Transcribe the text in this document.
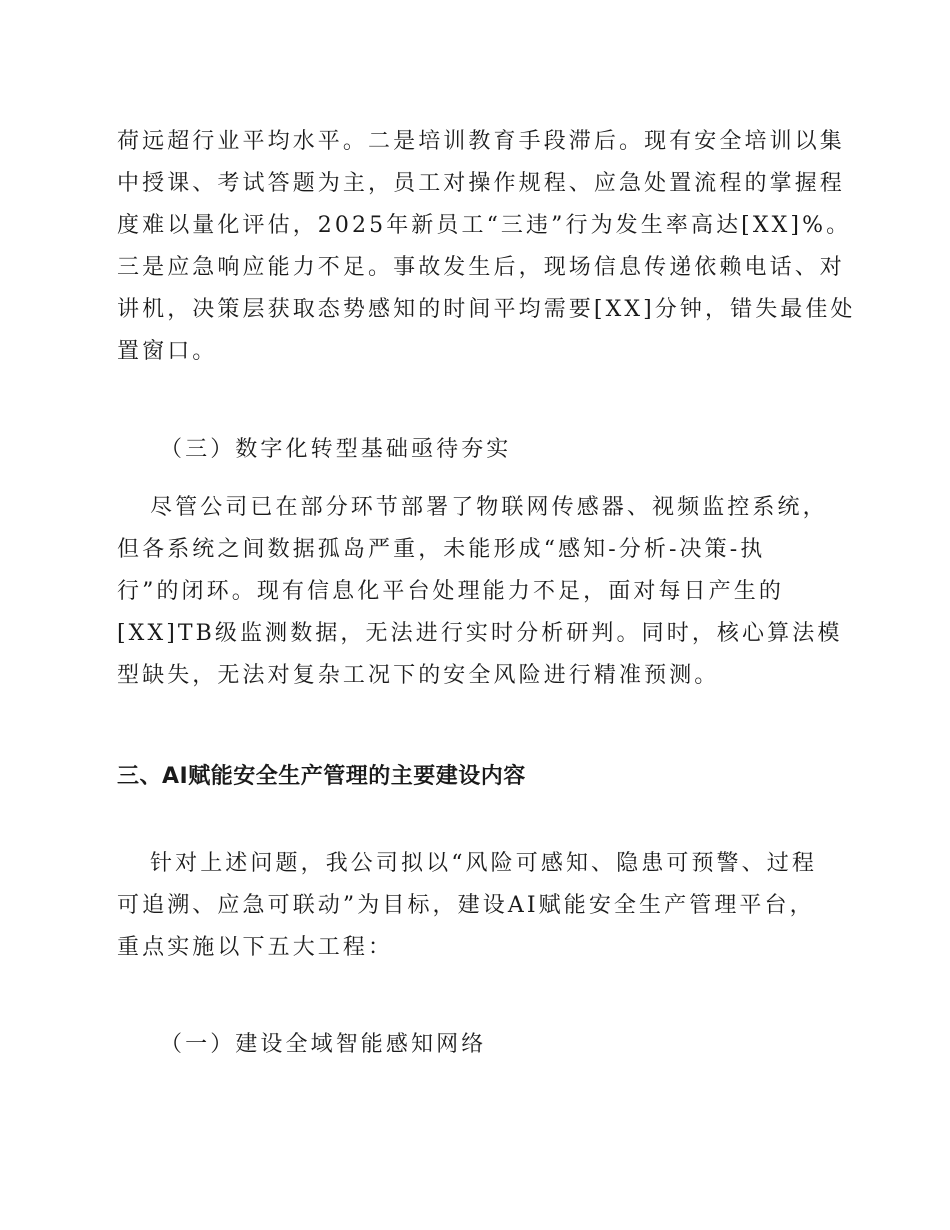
荷远超行业平均水平。二是培训教育手段滞后。现有安全培训以集
中授课、考试答题为主，员工对操作规程、应急处置流程的掌握程
度难以量化评估，2025年新员工“三违”行为发生率高达[XX]%。
三是应急响应能力不足。事故发生后，现场信息传递依赖电话、对
讲机，决策层获取态势感知的时间平均需要[XX]分钟，错失最佳处
置窗口。
（三）数字化转型基础亟待夯实
尽管公司已在部分环节部署了物联网传感器、视频监控系统，
但各系统之间数据孤岛严重，未能形成“感知-分析-决策-执
行”的闭环。现有信息化平台处理能力不足，面对每日产生的
[XX]TB级监测数据，无法进行实时分析研判。同时，核心算法模
型缺失，无法对复杂工况下的安全风险进行精准预测。
三、AI赋能安全生产管理的主要建设内容
针对上述问题，我公司拟以“风险可感知、隐患可预警、过程
可追溯、应急可联动”为目标，建设AI赋能安全生产管理平台，
重点实施以下五大工程：
（一）建设全域智能感知网络
